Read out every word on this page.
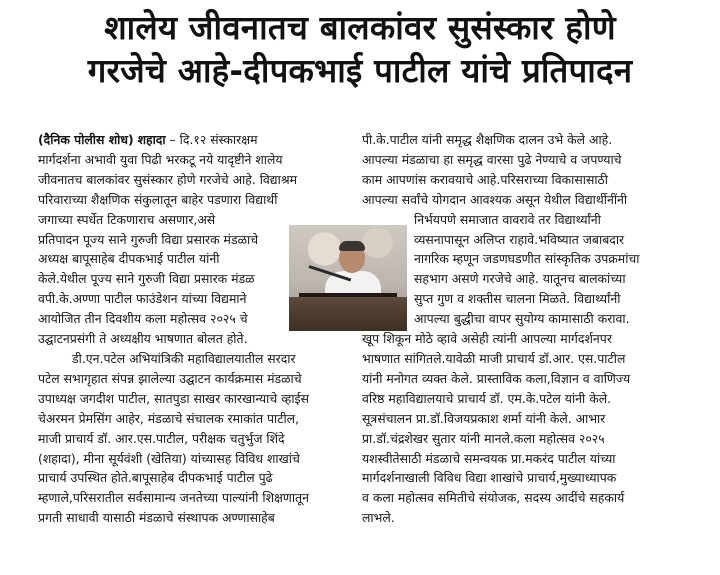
शालेय जीवनातच बालकांवर सुसंस्कार होणे
गरजेचे आहे-दीपकभाई पाटील यांचे प्रतिपादन

(दैनिक पोलीस शोध) शहादा – दि.१२ संस्कारक्षम
मार्गदर्शना अभावी युवा पिढी भरकटू नये यादृष्टीने शालेय
जीवनातच बालकांवर सुसंस्कार होणे गरजेचे आहे. विद्याश्रम
परिवाराच्या शैक्षणिक संकुलातून बाहेर पडणारा विद्यार्थी
जगाच्या स्पर्धेत टिकणाराच असणार,असे
प्रतिपादन पूज्य साने गुरुजी विद्या प्रसारक मंडळाचे
अध्यक्ष बापूसाहेब दीपकभाई पाटील यांनी
केले.येथील पूज्य साने गुरुजी विद्या प्रसारक मंडळ
वपी.के.अण्णा पाटील फाउंडेशन यांच्या विद्यमाने
आयोजित तीन दिवशीय कला महोत्सव २०२५ चे
उद्घाटनप्रसंगी ते अध्यक्षीय भाषणात बोलत होते.

डी.एन.पटेल अभियांत्रिकी महाविद्यालयातील सरदार
पटेल सभागृहात संपन्न झालेल्या उद्घाटन कार्यक्रमास मंडळाचे
उपाध्यक्ष जगदीश पाटील, सातपुडा साखर कारखान्याचे व्हाईस
चेअरमन प्रेमसिंग आहेर, मंडळाचे संचालक रमाकांत पाटील,
माजी प्राचार्य डॉ. आर.एस.पाटील, परीक्षक चतुर्भुज शिंदे
(शहादा), मीना सूर्यवंशी (खेतिया) यांच्यासह विविध शाखांचे
प्राचार्य उपस्थित होते.बापूसाहेब दीपकभाई पाटील पुढे
म्हणाले,परिसरातील सर्वसामान्य जनतेच्या पाल्यांनी शिक्षणातून
प्रगती साधावी यासाठी मंडळाचे संस्थापक अण्णासाहेब

पी.के.पाटील यांनी समृद्ध शैक्षणिक दालन उभे केले आहे.
आपल्या मंडळाचा हा समृद्ध वारसा पुढे नेण्याचे व जपण्याचे
काम आपणांस करावयाचे आहे.परिसराच्या विकासासाठी
आपल्या सर्वांचे योगदान आवश्यक असून येथील विद्यार्थीनींनी
निर्भयपणे समाजात वावरावे तर विद्यार्थ्यांनी
व्यसनापासून अलिप्त राहावे.भविष्यात जबाबदार
नागरिक म्हणून जडणघडणीत सांस्कृतिक उपक्रमांचा
सहभाग असणे गरजेचे आहे. यातूनच बालकांच्या
सुप्त गुण व शक्तीस चालना मिळते. विद्यार्थ्यांनी
आपल्या बुद्धीचा वापर सुयोग्य कामासाठी करावा.
खूप शिकून मोठे व्हावे असेही त्यांनी आपल्या मार्गदर्शनपर
भाषणात सांगितले.यावेळी माजी प्राचार्य डॉ.आर. एस.पाटील
यांनी मनोगत व्यक्त केले. प्रास्ताविक कला,विज्ञान व वाणिज्य
वरिष्ठ महाविद्यालयाचे प्राचार्य डॉ. एम.के.पटेल यांनी केले.
सूत्रसंचालन प्रा.डॉ.विजयप्रकाश शर्मा यांनी केले. आभार
प्रा.डॉ.चंद्रशेखर सुतार यांनी मानले.कला महोत्सव २०२५
यशस्वीतेसाठी मंडळाचे समन्वयक प्रा.मकरंद पाटील यांच्या
मार्गदर्शनाखाली विविध विद्या शाखांचे प्राचार्य,मुख्याध्यापक
व कला महोत्सव समितीचे संयोजक, सदस्य आदींचे सहकार्य
लाभले.
